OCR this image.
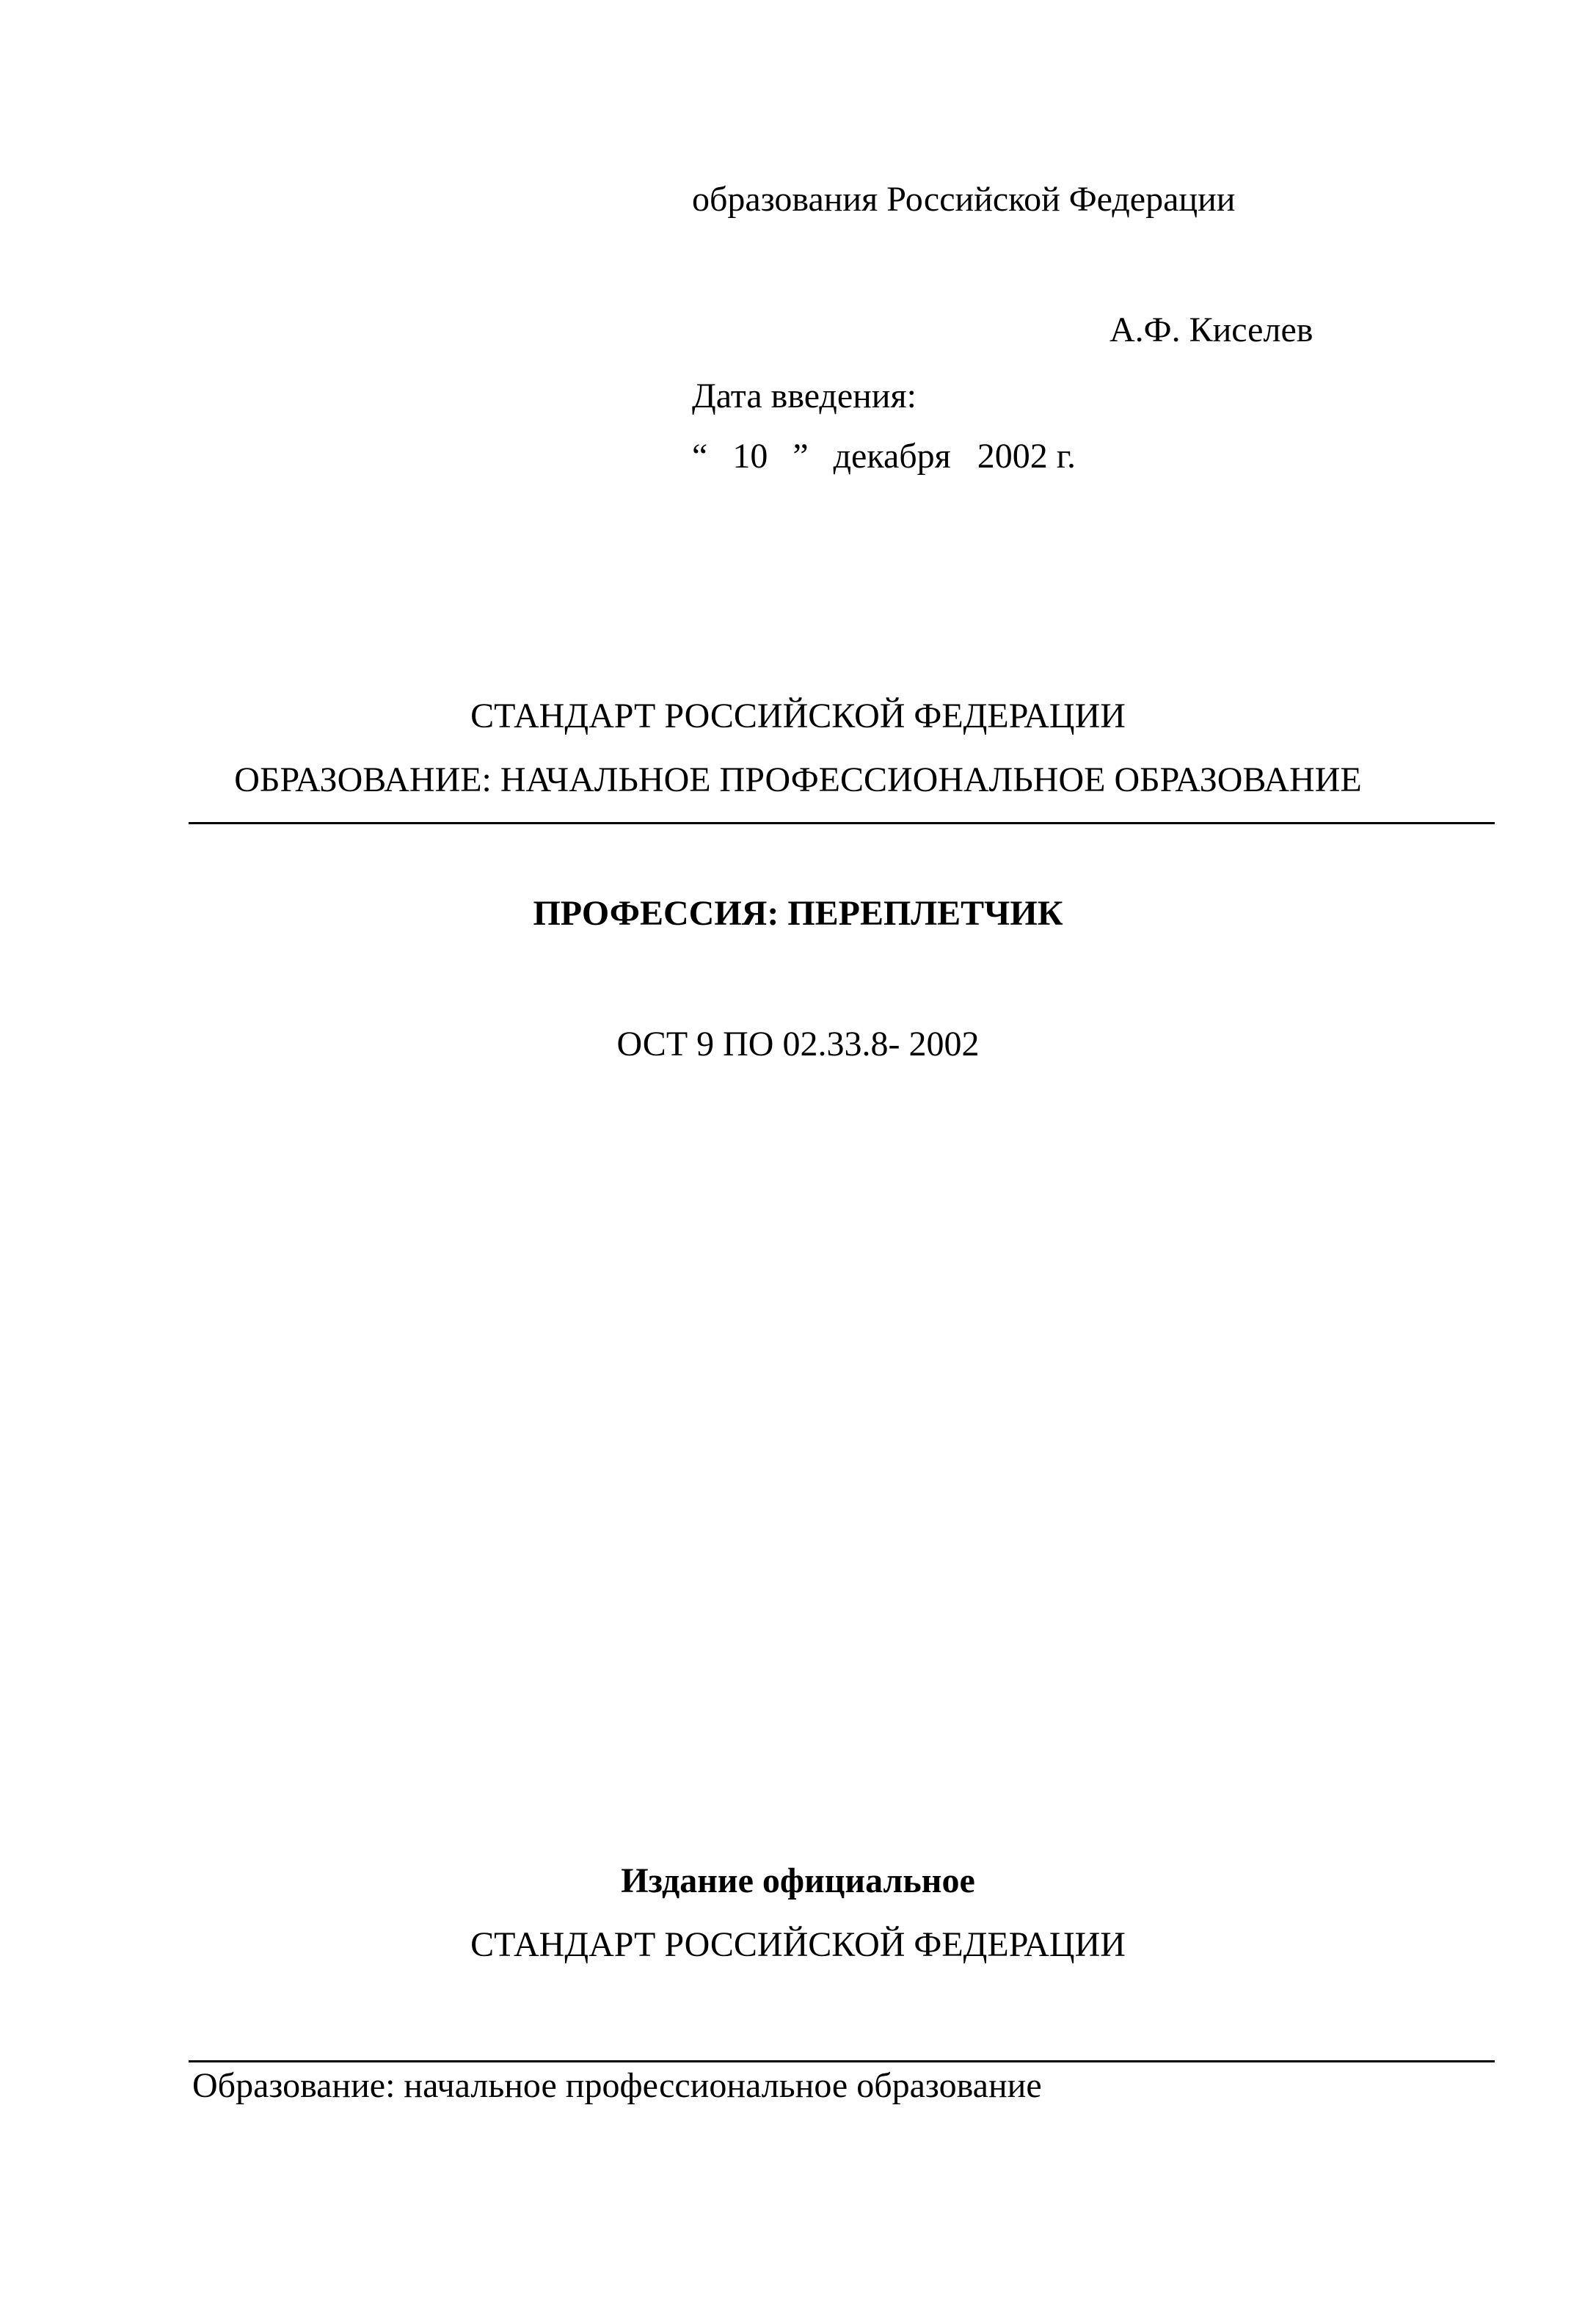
образования Российской Федерации

А.Ф. Киселев

Дата введения:

“ 10 ” декабря 2002 г.

СТАНДАРТ РОССИЙСКОЙ ФЕДЕРАЦИИ

ОБРАЗОВАНИЕ: НАЧАЛЬНОЕ ПРОФЕССИОНАЛЬНОЕ ОБРАЗОВАНИЕ

ПРОФЕССИЯ: ПЕРЕПЛЕТЧИК

ОСТ 9 ПО 02.33.8- 2002

Издание официальное

СТАНДАРТ РОССИЙСКОЙ ФЕДЕРАЦИИ

Образование: начальное профессиональное образование
